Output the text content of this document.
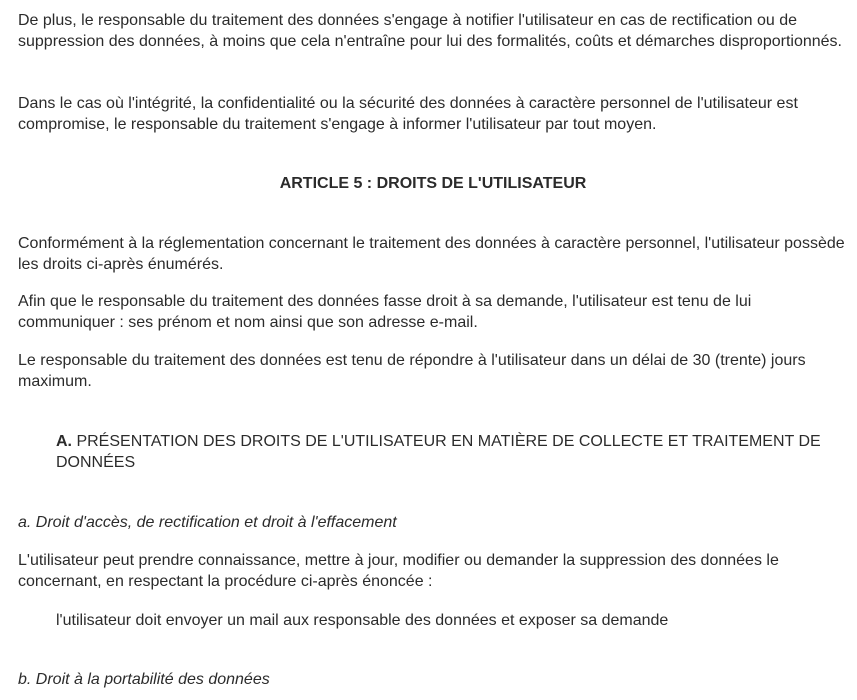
De plus, le responsable du traitement des données s'engage à notifier l'utilisateur en cas de rectification ou de suppression des données, à moins que cela n'entraîne pour lui des formalités, coûts et démarches disproportionnés.

Dans le cas où l'intégrité, la confidentialité ou la sécurité des données à caractère personnel de l'utilisateur est compromise, le responsable du traitement s'engage à informer l'utilisateur par tout moyen.

ARTICLE 5 : DROITS DE L'UTILISATEUR

Conformément à la réglementation concernant le traitement des données à caractère personnel, l'utilisateur possède les droits ci-après énumérés.

Afin que le responsable du traitement des données fasse droit à sa demande, l'utilisateur est tenu de lui communiquer : ses prénom et nom ainsi que son adresse e-mail.

Le responsable du traitement des données est tenu de répondre à l'utilisateur dans un délai de 30 (trente) jours maximum.

A. PRÉSENTATION DES DROITS DE L'UTILISATEUR EN MATIÈRE DE COLLECTE ET TRAITEMENT DE DONNÉES

a. Droit d'accès, de rectification et droit à l'effacement

L'utilisateur peut prendre connaissance, mettre à jour, modifier ou demander la suppression des données le concernant, en respectant la procédure ci-après énoncée :

l'utilisateur doit envoyer un mail aux responsable des données et exposer sa demande

b. Droit à la portabilité des données
